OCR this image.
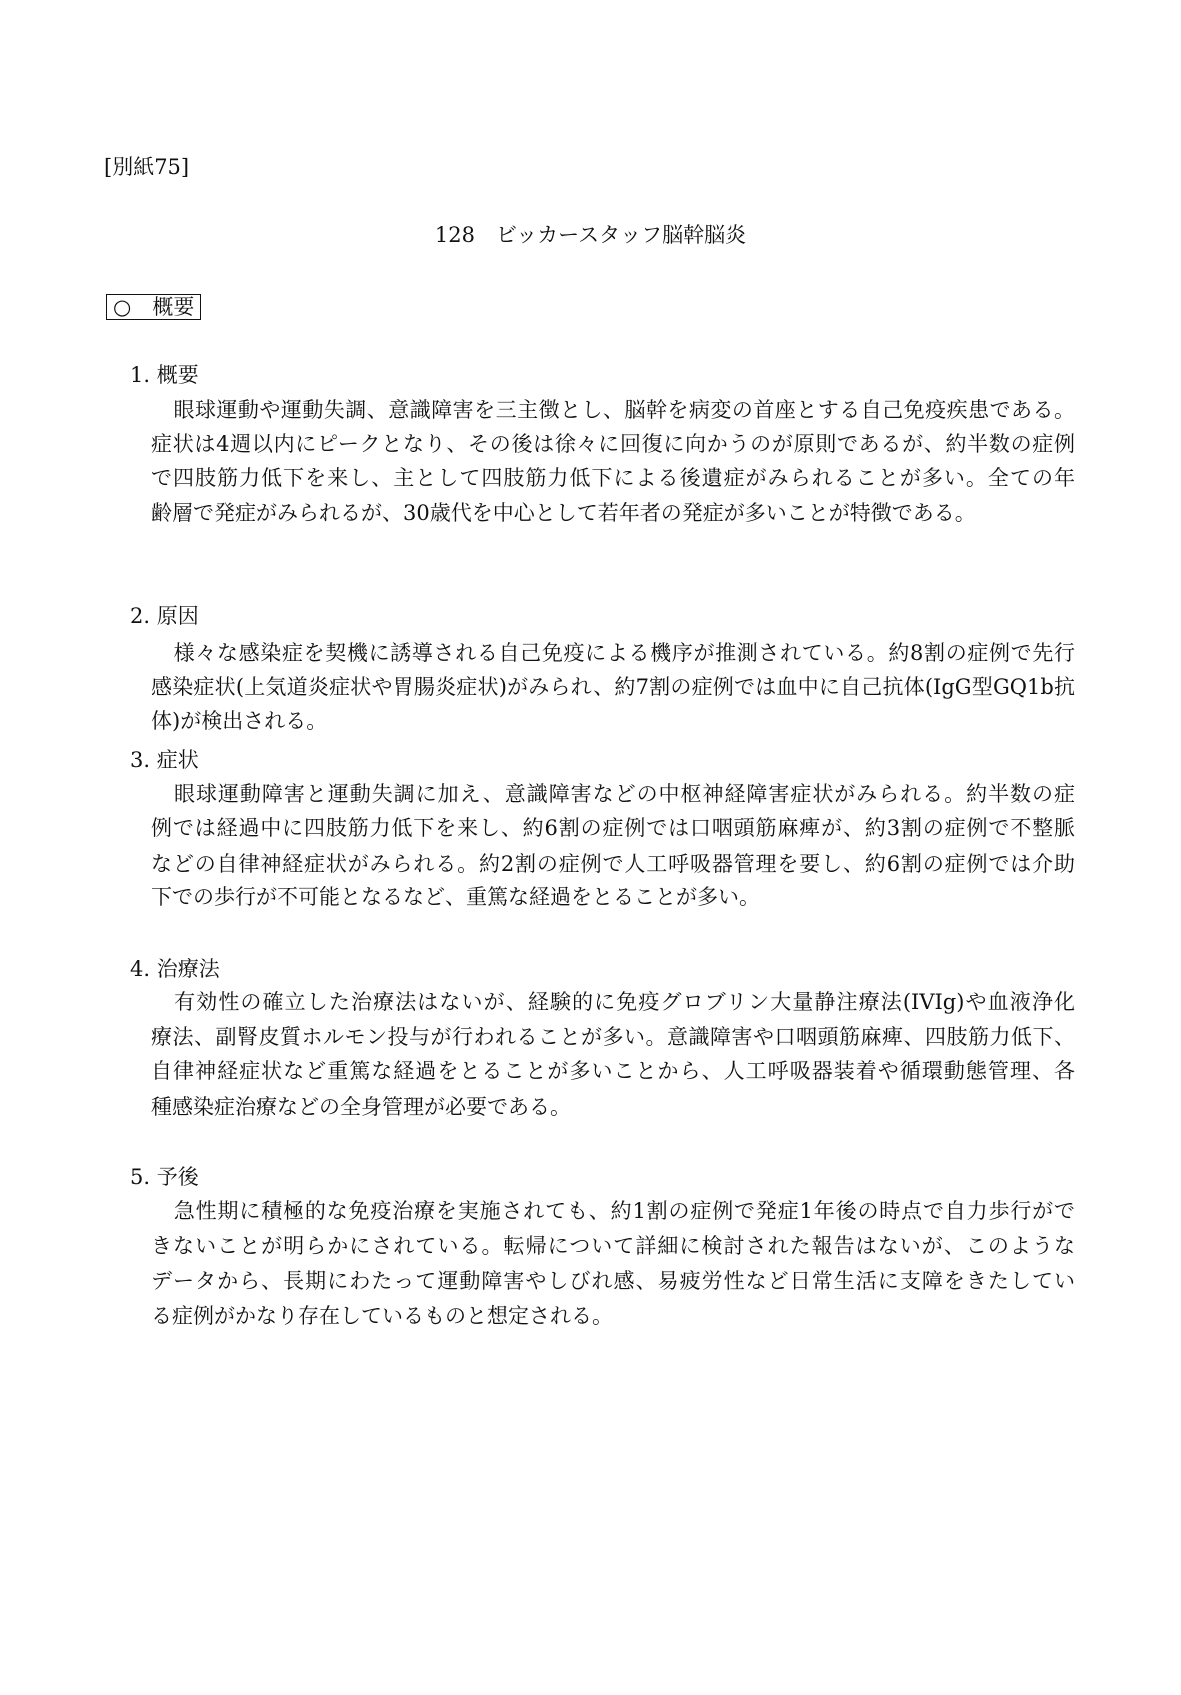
[別紙75]
128　ビッカースタッフ脳幹脳炎
○　概要
1. 概要
眼球運動や運動失調、意識障害を三主徴とし、脳幹を病変の首座とする自己免疫疾患である。
症状は4週以内にピークとなり、その後は徐々に回復に向かうのが原則であるが、約半数の症例
で四肢筋力低下を来し、主として四肢筋力低下による後遺症がみられることが多い。全ての年
齢層で発症がみられるが、30歳代を中心として若年者の発症が多いことが特徴である。
2. 原因
様々な感染症を契機に誘導される自己免疫による機序が推測されている。約8割の症例で先行
感染症状(上気道炎症状や胃腸炎症状)がみられ、約7割の症例では血中に自己抗体(IgG型GQ1b抗
体)が検出される。
3. 症状
眼球運動障害と運動失調に加え、意識障害などの中枢神経障害症状がみられる。約半数の症
例では経過中に四肢筋力低下を来し、約6割の症例では口咽頭筋麻痺が、約3割の症例で不整脈
などの自律神経症状がみられる。約2割の症例で人工呼吸器管理を要し、約6割の症例では介助
下での歩行が不可能となるなど、重篤な経過をとることが多い。
4. 治療法
有効性の確立した治療法はないが、経験的に免疫グロブリン大量静注療法(IVIg)や血液浄化
療法、副腎皮質ホルモン投与が行われることが多い。意識障害や口咽頭筋麻痺、四肢筋力低下、
自律神経症状など重篤な経過をとることが多いことから、人工呼吸器装着や循環動態管理、各
種感染症治療などの全身管理が必要である。
5. 予後
急性期に積極的な免疫治療を実施されても、約1割の症例で発症1年後の時点で自力歩行がで
きないことが明らかにされている。転帰について詳細に検討された報告はないが、このような
データから、長期にわたって運動障害やしびれ感、易疲労性など日常生活に支障をきたしてい
る症例がかなり存在しているものと想定される。
